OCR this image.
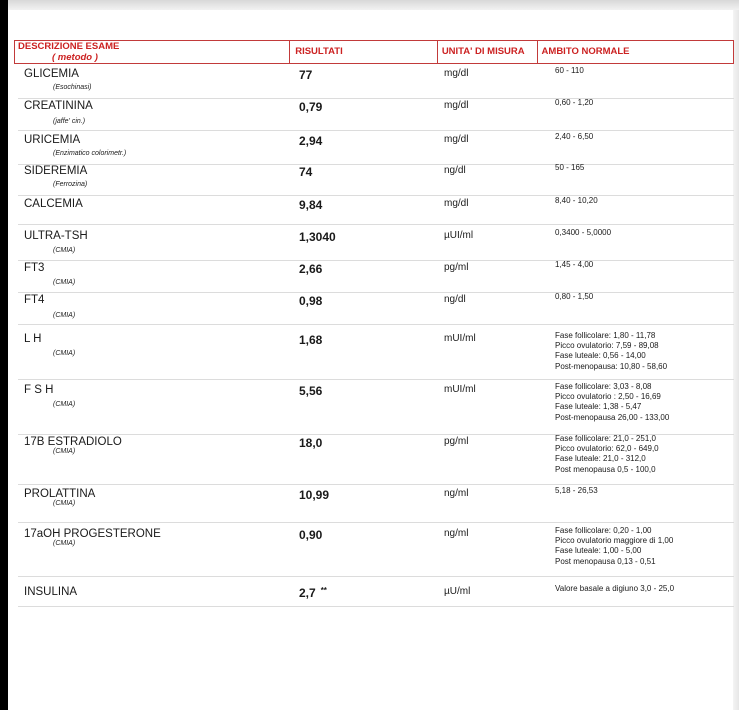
DESCRIZIONE ESAME
( metodo )
RISULTATI	UNITA' DI MISURA	AMBITO NORMALE
GLICEMIA
(Esochinasi)
77	mg/dl	60 - 110
CREATININA
(jaffe' cin.)
0,79	mg/dl	0,60 - 1,20
URICEMIA
(Enzimatico colorimetr.)
2,94	mg/dl	2,40 - 6,50
SIDEREMIA
(Ferrozina)
74	ng/dl	50 - 165
CALCEMIA	9,84	mg/dl	8,40 - 10,20
ULTRA-TSH
(CMIA)
1,3040	µUI/ml	0,3400 - 5,0000
FT3
(CMIA)
2,66	pg/ml	1,45 - 4,00
FT4
(CMIA)
0,98	ng/dl	0,80 - 1,50
L H
(CMIA)
1,68	mUI/ml	Fase follicolare: 1,80 - 11,78
Picco ovulatorio: 7,59 - 89,08
Fase luteale: 0,56 - 14,00
Post-menopausa: 10,80 - 58,60
F S H
(CMIA)
5,56	mUI/ml	Fase follicolare: 3,03 - 8,08
Picco ovulatorio : 2,50 - 16,69
Fase luteale: 1,38 - 5,47
Post-menopausa 26,00 - 133,00
17B ESTRADIOLO
(CMIA)
18,0	pg/ml	Fase follicolare: 21,0 - 251,0
Picco ovulatorio: 62,0 - 649,0
Fase luteale: 21,0 - 312,0
Post menopausa 0,5 - 100,0
PROLATTINA
(CMIA)
10,99	ng/ml	5,18 - 26,53
17aOH PROGESTERONE
(CMIA)
0,90	ng/ml	Fase follicolare: 0,20 - 1,00
Picco ovulatorio maggiore di 1,00
Fase luteale: 1,00 - 5,00
Post menopausa 0,13 - 0,51
INSULINA	2,7 **	µU/ml	Valore basale a digiuno 3,0 - 25,0
